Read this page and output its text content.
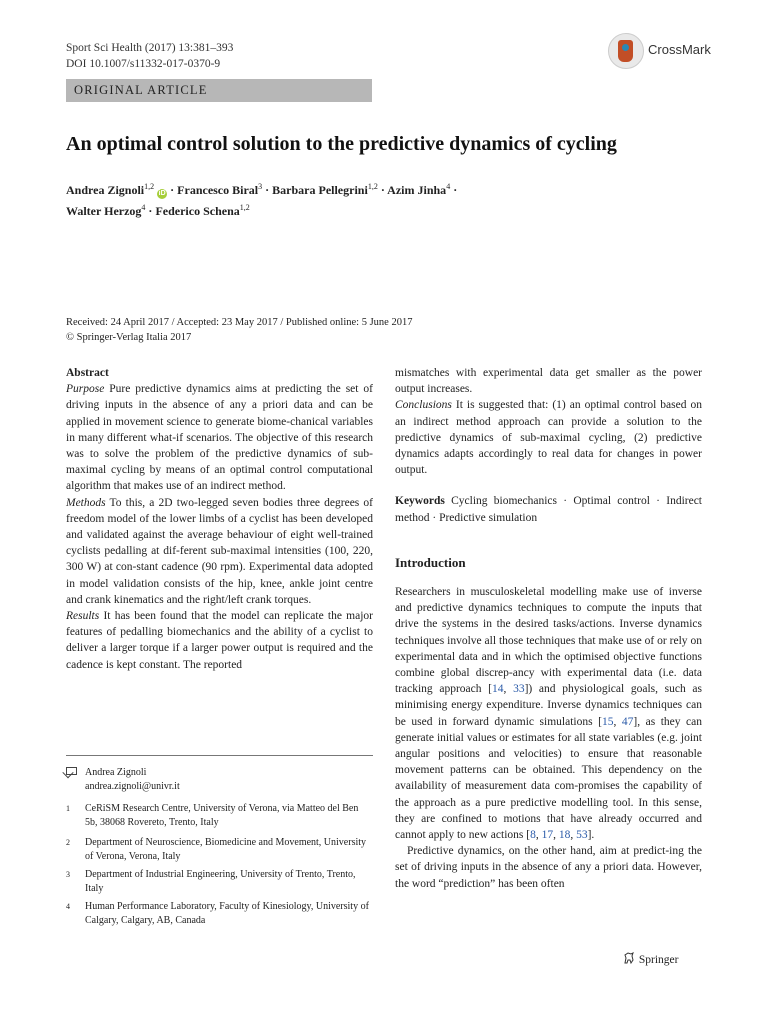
Sport Sci Health (2017) 13:381–393
DOI 10.1007/s11332-017-0370-9
ORIGINAL ARTICLE
CrossMark
An optimal control solution to the predictive dynamics of cycling
Andrea Zignoli$^{1,2}$ iD · Francesco Biral$^3$ · Barbara Pellegrini$^{1,2}$ · Azim Jinha$^4$ ·
Walter Herzog$^4$ · Federico Schena$^{1,2}$
Received: 24 April 2017 / Accepted: 23 May 2017 / Published online: 5 June 2017
© Springer-Verlag Italia 2017

Abstract

Purpose Pure predictive dynamics aims at predicting the set of driving inputs in the absence of any a priori data and can be applied in movement science to generate biome-chanical variables in many different what-if scenarios. The objective of this research was to solve the problem of the predictive dynamics of sub-maximal cycling by means of an optimal control computational algorithm that makes use of an indirect method.

Methods To this, a 2D two-legged seven bodies three degrees of freedom model of the lower limbs of a cyclist has been developed and validated against the average behaviour of eight well-trained cyclists pedalling at dif-ferent sub-maximal intensities (100, 220, 300 W) at con-stant cadence (90 rpm). Experimental data adopted in model validation consists of the hip, knee, ankle joint centre and crank kinematics and the right/left crank torques.

Results It has been found that the model can replicate the major features of pedalling biomechanics and the ability of a cyclist to deliver a larger torque if a larger power output is required and the cadence is kept constant. The reported

mismatches with experimental data get smaller as the power output increases.

Conclusions It is suggested that: (1) an optimal control based on an indirect method approach can provide a solution to the predictive dynamics of sub-maximal cycling, (2) predictive dynamics adapts accordingly to real data for changes in power output.

Keywords Cycling biomechanics · Optimal control · Indirect method · Predictive simulation

Introduction

Researchers in musculoskeletal modelling make use of inverse and predictive dynamics techniques to compute the inputs that drive the systems in the desired tasks/actions. Inverse dynamics techniques involve all those techniques that make use of or rely on experimental data and in which the optimised objective functions combine global discrep-ancy with experimental data (i.e. data tracking approach [14, 33]) and physiological goals, such as minimising energy expenditure. Inverse dynamics techniques can be used in forward dynamic simulations [15, 47], as they can generate initial values or estimates for all state variables (e.g. joint angular positions and velocities) to ensure that reasonable movement patterns can be obtained. This dependency on the availability of measurement data com-promises the capability of the approach as a pure predictive modelling tool. In this sense, they are confined to motions that have already occurred and cannot apply to new actions [8, 17, 18, 53].

Predictive dynamics, on the other hand, aim at predict-ing the set of driving inputs in the absence of any a priori data. However, the word “prediction” has been often

Andrea Zignoli
andrea.zignoli@univr.it
1 CeRiSM Research Centre, University of Verona, via Matteo del Ben 5b, 38068 Rovereto, Trento, Italy
2 Department of Neuroscience, Biomedicine and Movement, University of Verona, Verona, Italy
3 Department of Industrial Engineering, University of Trento, Trento, Italy
4 Human Performance Laboratory, Faculty of Kinesiology, University of Calgary, Calgary, AB, Canada
Springer
